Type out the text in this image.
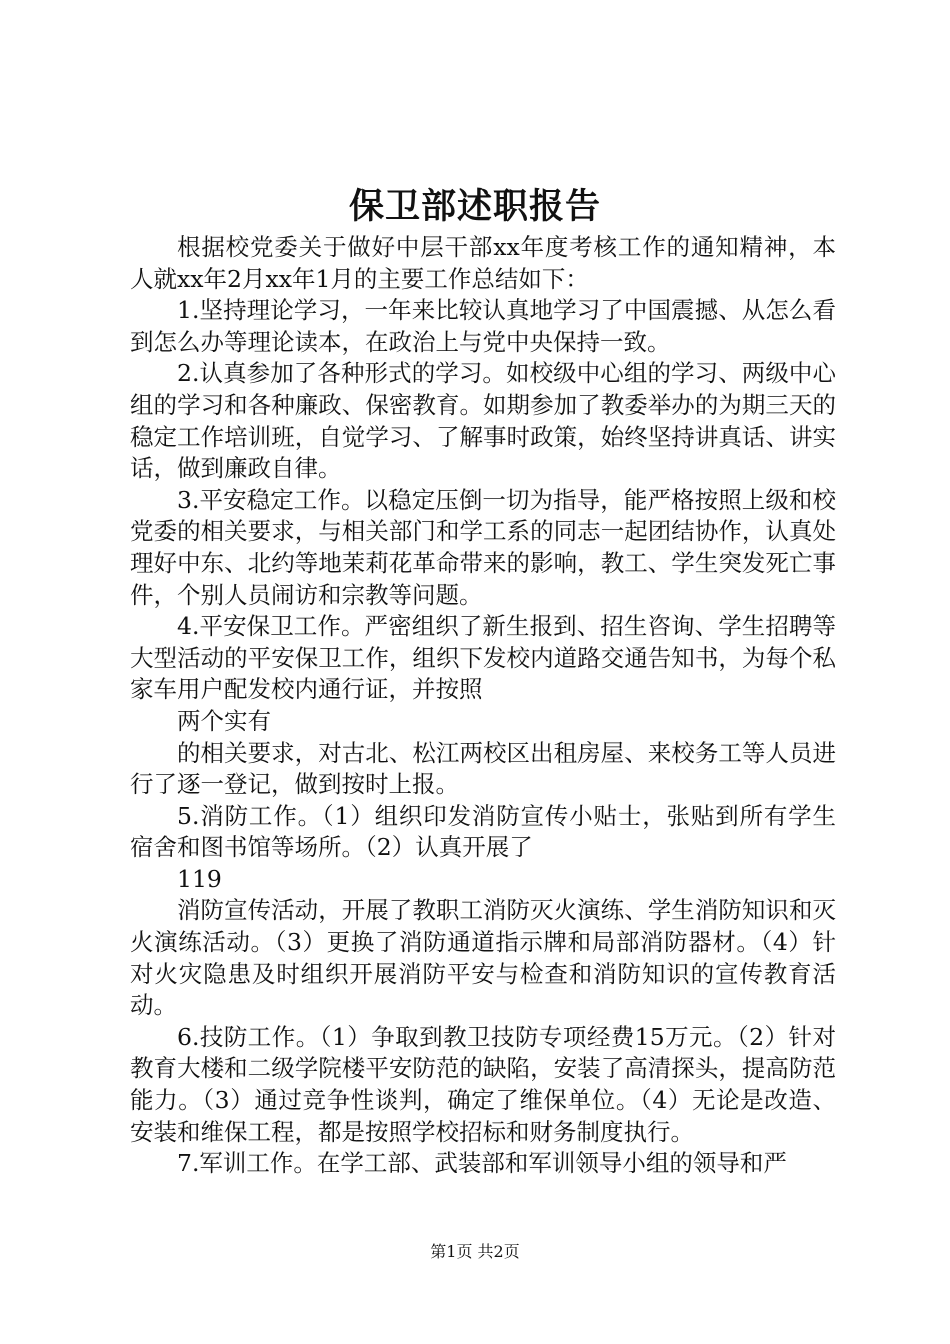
保卫部述职报告

根据校党委关于做好中层干部xx年度考核工作的通知精神，本人就xx年2月xx年1月的主要工作总结如下：

1.坚持理论学习，一年来比较认真地学习了中国震撼、从怎么看到怎么办等理论读本，在政治上与党中央保持一致。

2.认真参加了各种形式的学习。如校级中心组的学习、两级中心组的学习和各种廉政、保密教育。如期参加了教委举办的为期三天的稳定工作培训班，自觉学习、了解事时政策，始终坚持讲真话、讲实话，做到廉政自律。

3.平安稳定工作。以稳定压倒一切为指导，能严格按照上级和校党委的相关要求，与相关部门和学工系的同志一起团结协作，认真处理好中东、北约等地茉莉花革命带来的影响，教工、学生突发死亡事件，个别人员闹访和宗教等问题。

4.平安保卫工作。严密组织了新生报到、招生咨询、学生招聘等大型活动的平安保卫工作，组织下发校内道路交通告知书，为每个私家车用户配发校内通行证，并按照

两个实有

的相关要求，对古北、松江两校区出租房屋、来校务工等人员进行了逐一登记，做到按时上报。

5.消防工作。（1）组织印发消防宣传小贴士，张贴到所有学生宿舍和图书馆等场所。（2）认真开展了

119

消防宣传活动，开展了教职工消防灭火演练、学生消防知识和灭火演练活动。（3）更换了消防通道指示牌和局部消防器材。（4）针对火灾隐患及时组织开展消防平安与检查和消防知识的宣传教育活动。

6.技防工作。（1）争取到教卫技防专项经费15万元。（2）针对教育大楼和二级学院楼平安防范的缺陷，安装了高清探头，提高防范能力。（3）通过竞争性谈判，确定了维保单位。（4）无论是改造、安装和维保工程，都是按照学校招标和财务制度执行。

7.军训工作。在学工部、武装部和军训领导小组的领导和严

第1页 共2页
